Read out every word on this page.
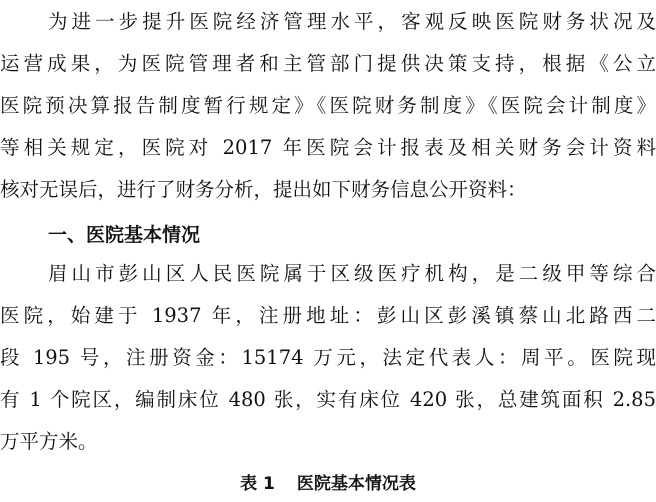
为进一步提升医院经济管理水平，客观反映医院财务状况及
运营成果，为医院管理者和主管部门提供决策支持，根据《公立
医院预决算报告制度暂行规定》《医院财务制度》《医院会计制度》
等相关规定，医院对 2017 年医院会计报表及相关财务会计资料
核对无误后，进行了财务分析，提出如下财务信息公开资料：
一、医院基本情况
眉山市彭山区人民医院属于区级医疗机构，是二级甲等综合
医院，始建于 1937 年，注册地址：彭山区彭溪镇蔡山北路西二
段 195 号，注册资金：15174 万元，法定代表人：周平。医院现
有 1 个院区，编制床位 480 张，实有床位 420 张，总建筑面积 2.85
万平方米。
表 1 医院基本情况表
